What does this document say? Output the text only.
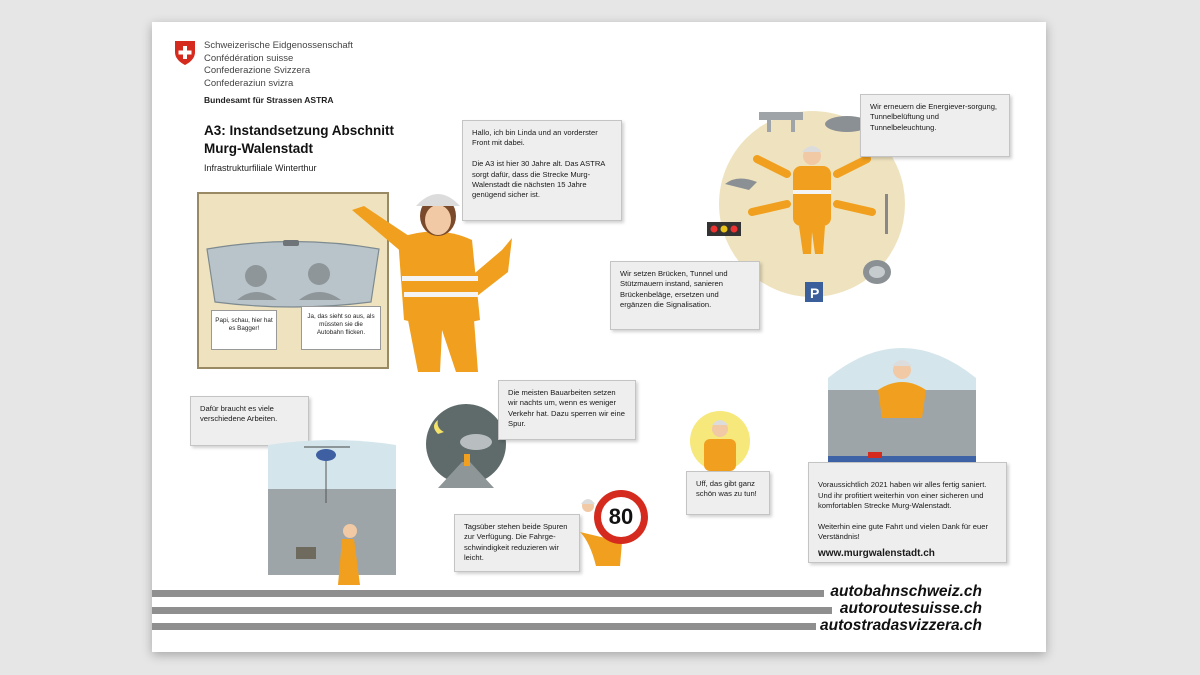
Schweizerische Eidgenossenschaft
Confédération suisse
Confederazione Svizzera
Confederaziun svizra
Bundesamt für Strassen ASTRA
A3: Instandsetzung Abschnitt Murg-Walenstadt
Infrastrukturfiliale Winterthur
Papi, schau, hier hat es Bagger!
Ja, das sieht so aus, als müssten sie die Autobahn flicken.
Hallo, ich bin Linda und an vorderster Front mit dabei.

Die A3 ist hier 30 Jahre alt. Das ASTRA sorgt dafür, dass die Strecke Murg-Walenstadt die nächsten 15 Jahre genügend sicher ist.
P
Wir erneuern die Energiever-sorgung, Tunnelbelüftung und Tunnelbeleuchtung.
Wir setzen Brücken, Tunnel und Stützmauern instand, sanieren Brückenbeläge, ersetzen und ergänzen die Signalisation.
Dafür braucht es viele verschiedene Arbeiten.
Die meisten Bauarbeiten setzen wir nachts um, wenn es weniger Verkehr hat. Dazu sperren wir eine Spur.
Tagsüber stehen beide Spuren zur Verfügung. Die Fahrge-schwindigkeit reduzieren wir leicht.
80
Uff, das gibt ganz schön was zu tun!

Voraussichtlich 2021 haben wir alles fertig saniert. Und ihr profitiert weiterhin von einer sicheren und komfortablen Strecke Murg-Walenstadt.

Weiterhin eine gute Fahrt und vielen Dank für euer Verständnis!

www.murgwalenstadt.ch

autobahnschweiz.ch
autoroutesuisse.ch
autostradasvizzera.ch
